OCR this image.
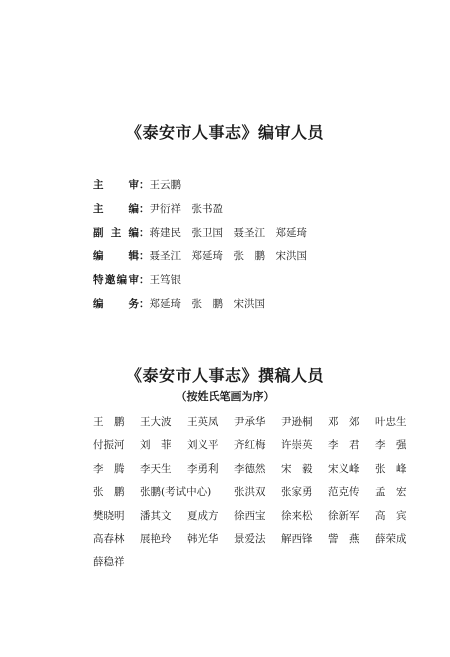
《泰安市人事志》编审人员
主审：王云鹏
主编：尹衍祥　张书盈
副主编：蒋建民　张卫国　聂圣江　郑延琦
编辑：聂圣江　郑延琦　张　鹏　宋洪国
特邀编审：王笃银
编务：郑延琦　张　鹏　宋洪国
《泰安市人事志》撰稿人员
（按姓氏笔画为序）
王　鹏 王大波 王英凤 尹承华 尹逊桐 邓　郊 叶忠生
付振河 刘　菲 刘义平 齐红梅 许崇英 李　君 李　强
李　腾 李天生 李勇利 李德然 宋　毅 宋义峰 张　峰
张　鹏 张鹏(考试中心) 张洪双 张家勇 范克传 孟　宏
樊晓明 潘其文 夏成方 徐西宝 徐来松 徐新军 高　宾
高春林 展艳玲 韩光华 景爱法 解西锋 訾　燕 薛荣成
薛稳祥
